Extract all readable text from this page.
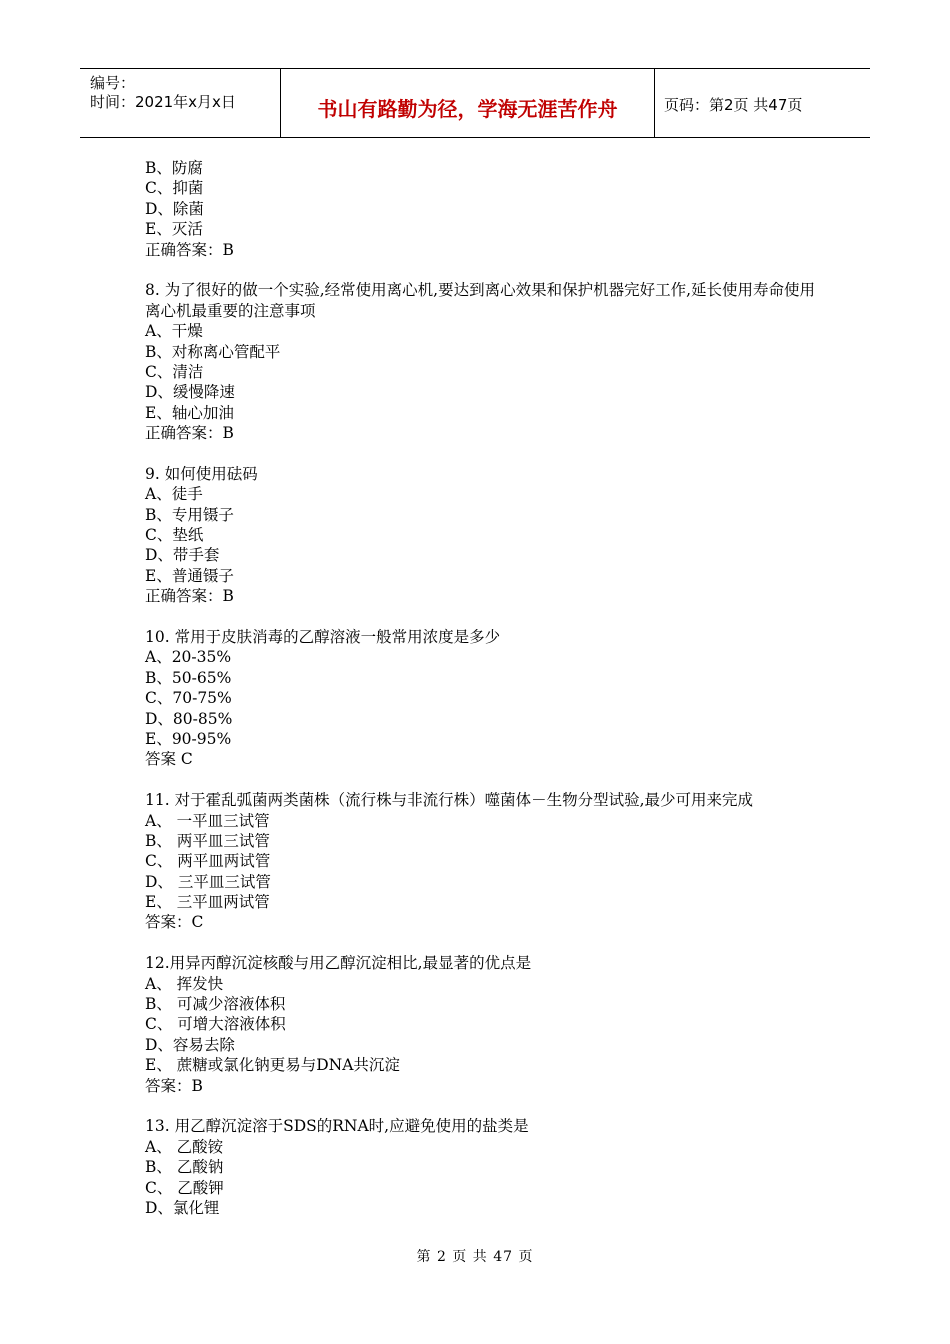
编号：
时间：2021年x月x日	书山有路勤为径，学海无涯苦作舟	页码：第2页 共47页
B、防腐
C、抑菌
D、除菌
E、灭活
正确答案：B
8. 为了很好的做一个实验,经常使用离心机,要达到离心效果和保护机器完好工作,延长使用寿命使用离心机最重要的注意事项
A、干燥
B、对称离心管配平
C、清洁
D、缓慢降速
E、轴心加油
正确答案：B
9. 如何使用砝码
A、徒手
B、专用镊子
C、垫纸
D、带手套
E、普通镊子
正确答案：B
10. 常用于皮肤消毒的乙醇溶液一般常用浓度是多少
A、20-35%
B、50-65%
C、70-75%
D、80-85%
E、90-95%
答案 C
11. 对于霍乱弧菌两类菌株（流行株与非流行株）噬菌体－生物分型试验,最少可用来完成
A、 一平皿三试管
B、 两平皿三试管
C、 两平皿两试管
D、 三平皿三试管
E、 三平皿两试管
答案：C
12.用异丙醇沉淀核酸与用乙醇沉淀相比,最显著的优点是
A、 挥发快
B、 可减少溶液体积
C、 可增大溶液体积
D、容易去除
E、 蔗糖或氯化钠更易与DNA共沉淀
答案：B
13. 用乙醇沉淀溶于SDS的RNA时,应避免使用的盐类是
A、 乙酸铵
B、 乙酸钠
C、 乙酸钾
D、氯化锂
第 2 页 共 47 页
